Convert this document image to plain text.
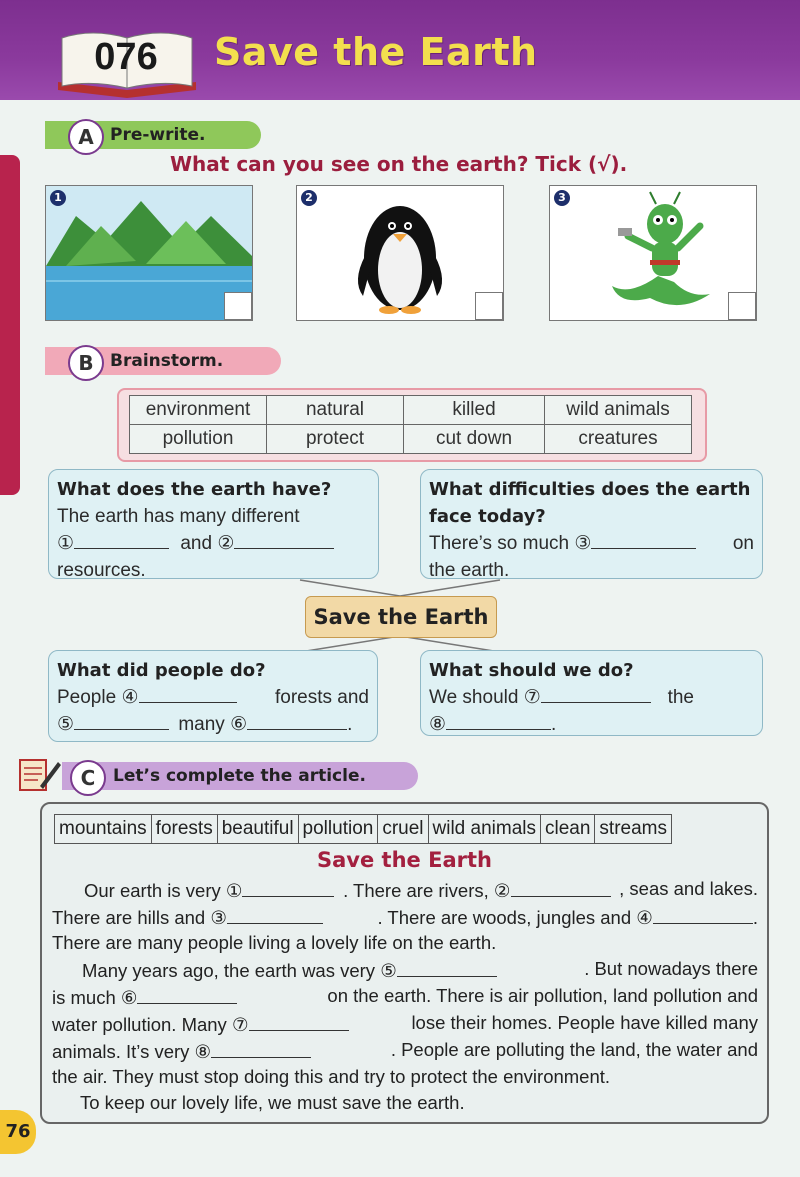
076	Save the Earth
A Pre-write.
What can you see on the earth? Tick (√).
1	2	3
B Brainstorm.
environment	natural	killed	wild animals
pollution	protect	cut down	creatures
What does the earth have?
The earth has many different
①	and ②
resources.
What difficulties does the earth
face today?
There’s so much ③	on
the earth.
Save the Earth
What did people do?
People ④	forests and
⑤	many ⑥	.
What should we do?
We should ⑦	the
⑧	.
C	Let’s complete the article.
mountains	forests	beautiful	pollution	cruel	wild animals	clean	streams
Save the Earth
Our earth is very ①	. There are rivers, ②	, seas and lakes.
There are hills and ③	. There are woods, jungles and ④	.
There are many people living a lovely life on the earth.
Many years ago, the earth was very ⑤	. But nowadays there
is much ⑥	on the earth. There is air pollution, land pollution and
water pollution. Many ⑦	lose their homes. People have killed many
animals. It’s very ⑧	. People are polluting the land, the water and
the air. They must stop doing this and try to protect the environment.
To keep our lovely life, we must save the earth.
76
